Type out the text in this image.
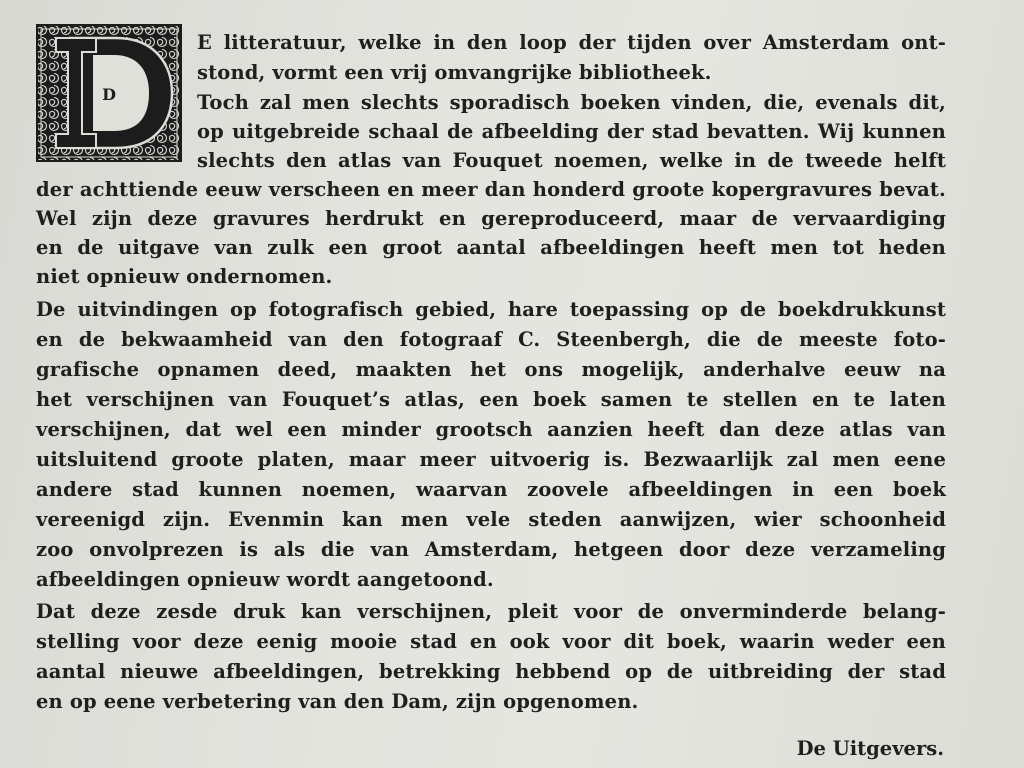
D
E litteratuur, welke in den loop der tijden over Amsterdam ont-
stond, vormt een vrij omvangrijke bibliotheek.
Toch zal men slechts sporadisch boeken vinden, die, evenals dit,
op uitgebreide schaal de afbeelding der stad bevatten. Wij kunnen
slechts den atlas van Fouquet noemen, welke in de tweede helft
der achttiende eeuw verscheen en meer dan honderd groote kopergravures bevat.
Wel zijn deze gravures herdrukt en gereproduceerd, maar de vervaardiging
en de uitgave van zulk een groot aantal afbeeldingen heeft men tot heden
niet opnieuw ondernomen.
De uitvindingen op fotografisch gebied, hare toepassing op de boekdrukkunst
en de bekwaamheid van den fotograaf C. Steenbergh, die de meeste foto-
grafische opnamen deed, maakten het ons mogelijk, anderhalve eeuw na
het verschijnen van Fouquet’s atlas, een boek samen te stellen en te laten
verschijnen, dat wel een minder grootsch aanzien heeft dan deze atlas van
uitsluitend groote platen, maar meer uitvoerig is. Bezwaarlijk zal men eene
andere stad kunnen noemen, waarvan zoovele afbeeldingen in een boek
vereenigd zijn. Evenmin kan men vele steden aanwijzen, wier schoonheid
zoo onvolprezen is als die van Amsterdam, hetgeen door deze verzameling
afbeeldingen opnieuw wordt aangetoond.
Dat deze zesde druk kan verschijnen, pleit voor de onverminderde belang-
stelling voor deze eenig mooie stad en ook voor dit boek, waarin weder een
aantal nieuwe afbeeldingen, betrekking hebbend op de uitbreiding der stad
en op eene verbetering van den Dam, zijn opgenomen.
De Uitgevers.
